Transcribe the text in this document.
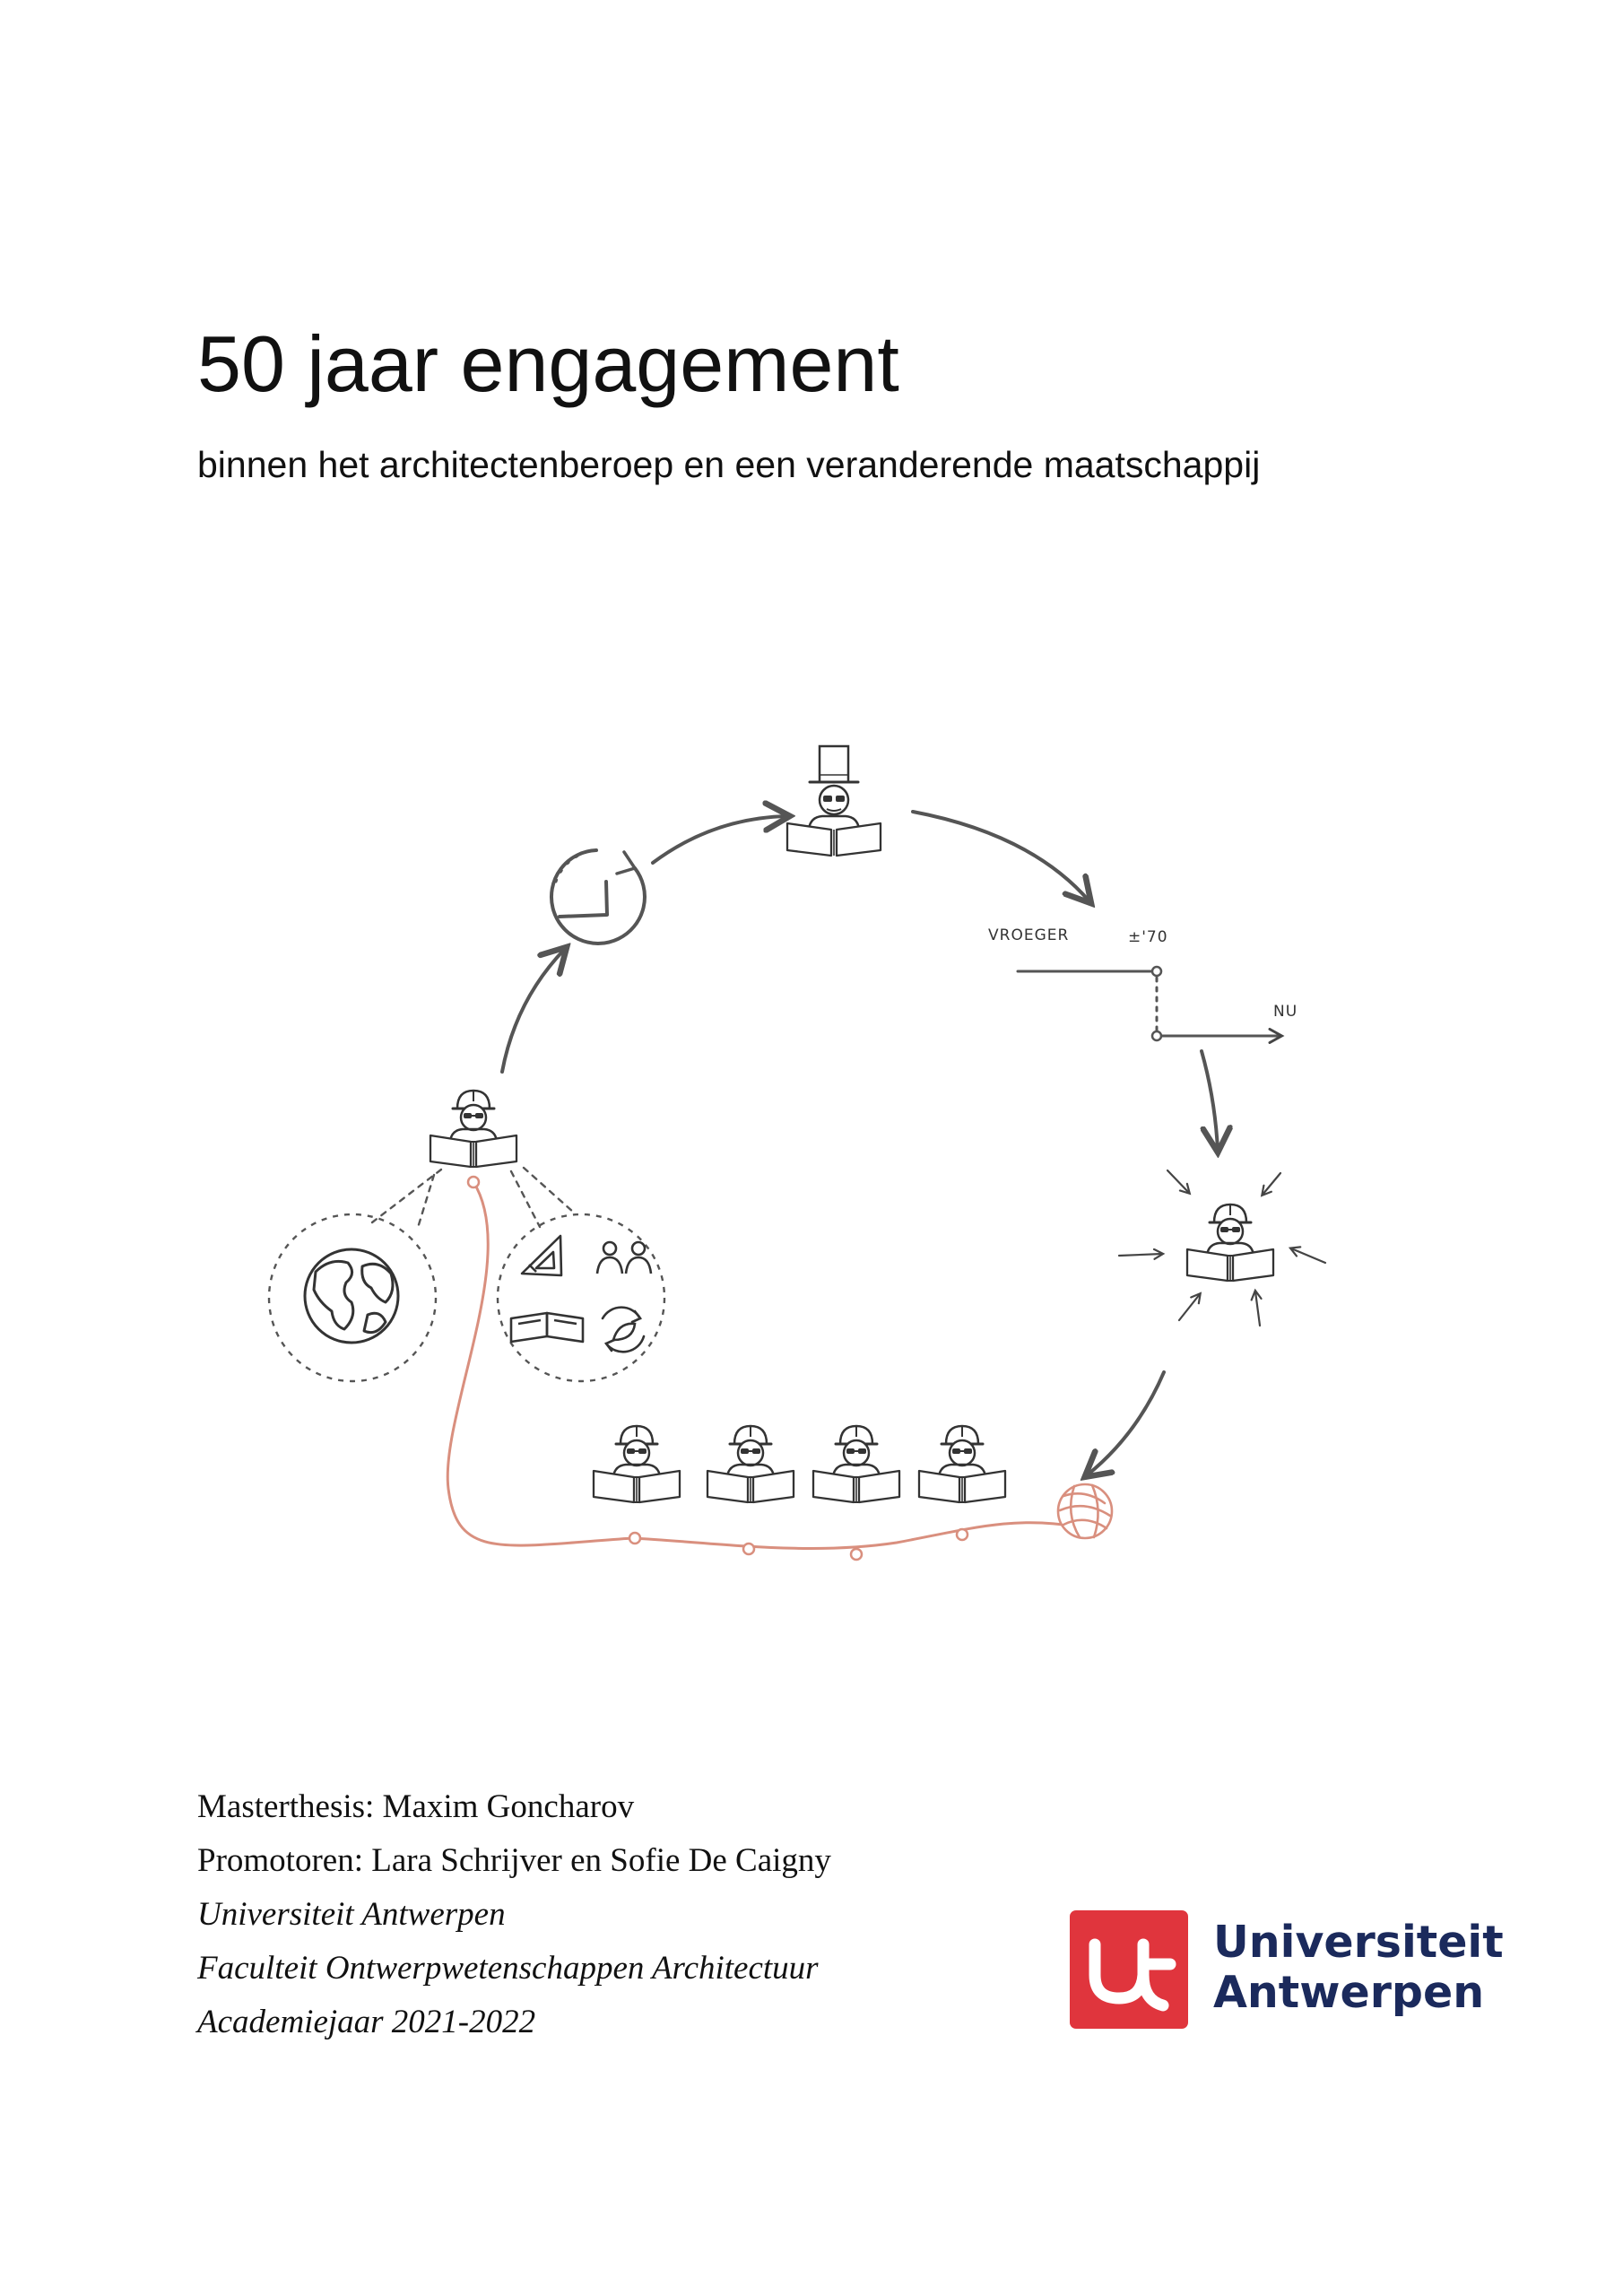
50 jaar engagement

binnen het architectenberoep en een veranderende maatschappij

VROEGER	±'70
NU
Masterthesis: Maxim Goncharov
Promotoren: Lara Schrijver en Sofie De Caigny
Universiteit Antwerpen
Faculteit Ontwerpwetenschappen Architectuur
Academiejaar 2021-2022
Universiteit
Antwerpen
